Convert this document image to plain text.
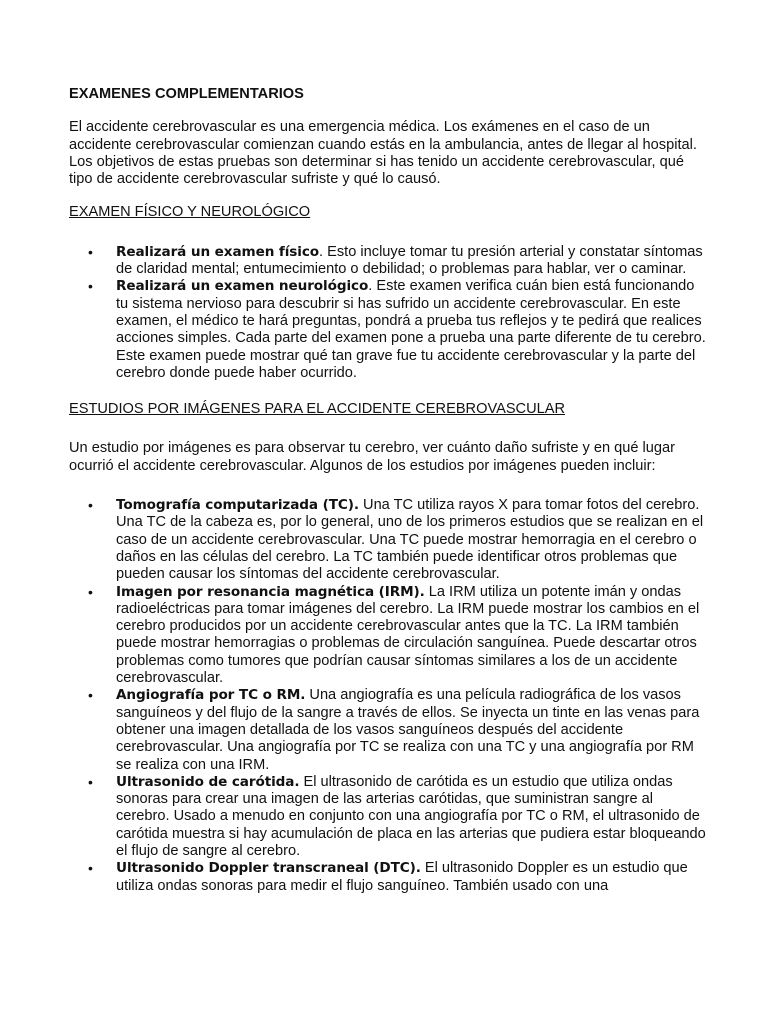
EXAMENES COMPLEMENTARIOS

El accidente cerebrovascular es una emergencia médica. Los exámenes en el caso de un accidente cerebrovascular comienzan cuando estás en la ambulancia, antes de llegar al hospital. Los objetivos de estas pruebas son determinar si has tenido un accidente cerebrovascular, qué tipo de accidente cerebrovascular sufriste y qué lo causó.

EXAMEN FÍSICO Y NEUROLÓGICO
• Realizará un examen físico. Esto incluye tomar tu presión arterial y constatar síntomas de claridad mental; entumecimiento o debilidad; o problemas para hablar, ver o caminar.
• Realizará un examen neurológico. Este examen verifica cuán bien está funcionando tu sistema nervioso para descubrir si has sufrido un accidente cerebrovascular. En este examen, el médico te hará preguntas, pondrá a prueba tus reflejos y te pedirá que realices acciones simples. Cada parte del examen pone a prueba una parte diferente de tu cerebro. Este examen puede mostrar qué tan grave fue tu accidente cerebrovascular y la parte del cerebro donde puede haber ocurrido.
ESTUDIOS POR IMÁGENES PARA EL ACCIDENTE CEREBROVASCULAR

Un estudio por imágenes es para observar tu cerebro, ver cuánto daño sufriste y en qué lugar ocurrió el accidente cerebrovascular. Algunos de los estudios por imágenes pueden incluir:

• Tomografía computarizada (TC). Una TC utiliza rayos X para tomar fotos del cerebro. Una TC de la cabeza es, por lo general, uno de los primeros estudios que se realizan en el caso de un accidente cerebrovascular. Una TC puede mostrar hemorragia en el cerebro o daños en las células del cerebro. La TC también puede identificar otros problemas que pueden causar los síntomas del accidente cerebrovascular.
• Imagen por resonancia magnética (IRM). La IRM utiliza un potente imán y ondas radioeléctricas para tomar imágenes del cerebro. La IRM puede mostrar los cambios en el cerebro producidos por un accidente cerebrovascular antes que la TC. La IRM también puede mostrar hemorragias o problemas de circulación sanguínea. Puede descartar otros problemas como tumores que podrían causar síntomas similares a los de un accidente cerebrovascular.
• Angiografía por TC o RM. Una angiografía es una película radiográfica de los vasos sanguíneos y del flujo de la sangre a través de ellos. Se inyecta un tinte en las venas para obtener una imagen detallada de los vasos sanguíneos después del accidente cerebrovascular. Una angiografía por TC se realiza con una TC y una angiografía por RM se realiza con una IRM.
• Ultrasonido de carótida. El ultrasonido de carótida es un estudio que utiliza ondas sonoras para crear una imagen de las arterias carótidas, que suministran sangre al cerebro. Usado a menudo en conjunto con una angiografía por TC o RM, el ultrasonido de carótida muestra si hay acumulación de placa en las arterias que pudiera estar bloqueando el flujo de sangre al cerebro.
• Ultrasonido Doppler transcraneal (DTC). El ultrasonido Doppler es un estudio que utiliza ondas sonoras para medir el flujo sanguíneo. También usado con una
